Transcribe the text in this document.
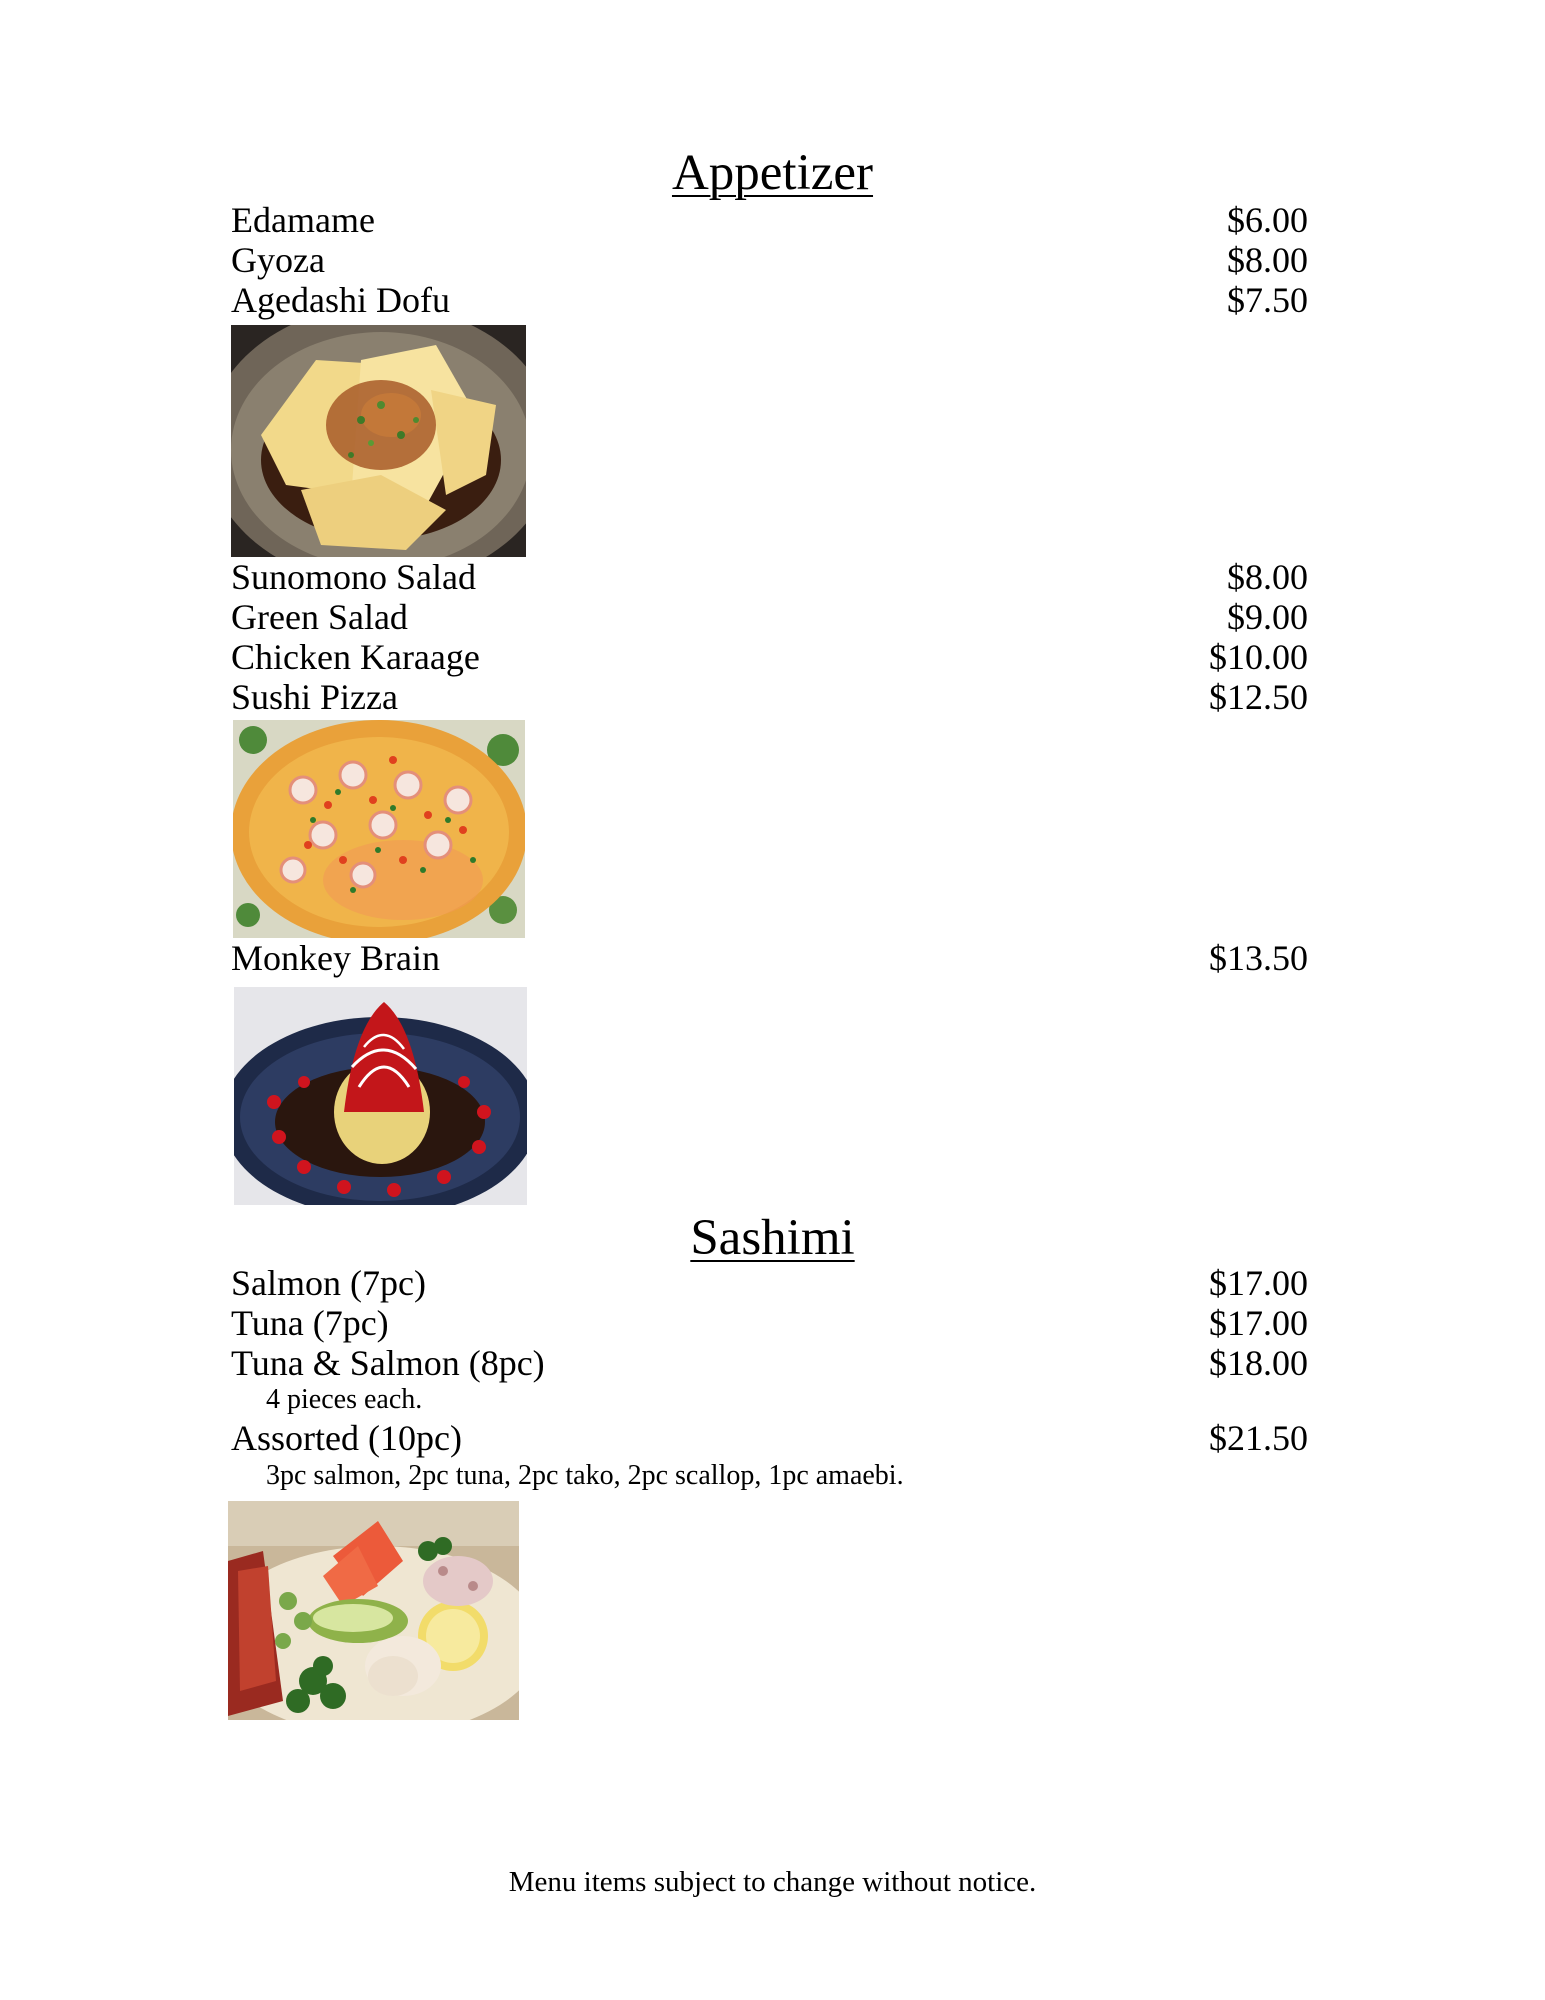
Appetizer
Edamame	$6.00
Gyoza	$8.00
Agedashi Dofu	$7.50
Sunomono Salad	$8.00
Green Salad	$9.00
Chicken Karaage	$10.00
Sushi Pizza	$12.50
Monkey Brain	$13.50
Sashimi
Salmon (7pc)	$17.00
Tuna (7pc)	$17.00
Tuna & Salmon (8pc)	$18.00
4 pieces each.
Assorted (10pc)	$21.50
3pc salmon, 2pc tuna, 2pc tako, 2pc scallop, 1pc amaebi.
Menu items subject to change without notice.
